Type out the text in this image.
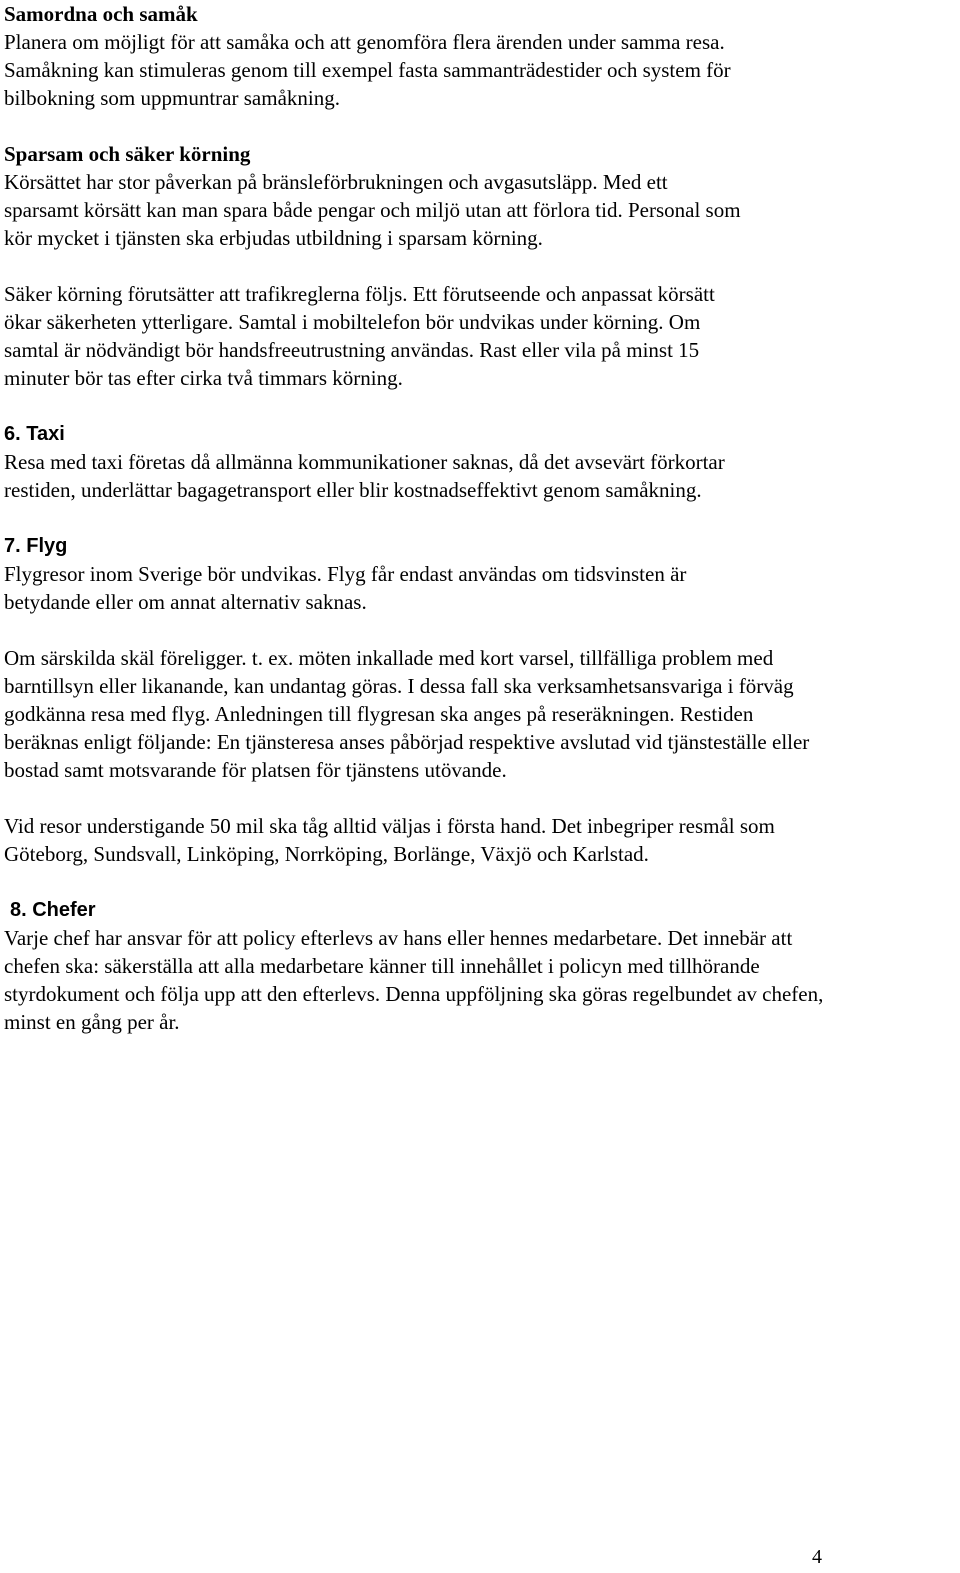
Samordna och samåk
Planera om möjligt för att samåka och att genomföra flera ärenden under samma resa.
Samåkning kan stimuleras genom till exempel fasta sammanträdestider och system för
bilbokning som uppmuntrar samåkning.
Sparsam och säker körning
Körsättet har stor påverkan på bränsleförbrukningen och avgasutsläpp. Med ett
sparsamt körsätt kan man spara både pengar och miljö utan att förlora tid. Personal som
kör mycket i tjänsten ska erbjudas utbildning i sparsam körning.
Säker körning förutsätter att trafikreglerna följs. Ett förutseende och anpassat körsätt
ökar säkerheten ytterligare. Samtal i mobiltelefon bör undvikas under körning. Om
samtal är nödvändigt bör handsfreeutrustning användas. Rast eller vila på minst 15
minuter bör tas efter cirka två timmars körning.
6. Taxi
Resa med taxi företas då allmänna kommunikationer saknas, då det avsevärt förkortar
restiden, underlättar bagagetransport eller blir kostnadseffektivt genom samåkning.
7. Flyg
Flygresor inom Sverige bör undvikas. Flyg får endast användas om tidsvinsten är
betydande eller om annat alternativ saknas.
Om särskilda skäl föreligger. t. ex. möten inkallade med kort varsel, tillfälliga problem med
barntillsyn eller likanande, kan undantag göras. I dessa fall ska verksamhetsansvariga i förväg
godkänna resa med flyg. Anledningen till flygresan ska anges på reseräkningen. Restiden
beräknas enligt följande: En tjänsteresa anses påbörjad respektive avslutad vid tjänsteställe eller
bostad samt motsvarande för platsen för tjänstens utövande.
Vid resor understigande 50 mil ska tåg alltid väljas i första hand. Det inbegriper resmål som
Göteborg, Sundsvall, Linköping, Norrköping, Borlänge, Växjö och Karlstad.
8. Chefer
Varje chef har ansvar för att policy efterlevs av hans eller hennes medarbetare. Det innebär att
chefen ska: säkerställa att alla medarbetare känner till innehållet i policyn med tillhörande
styrdokument och följa upp att den efterlevs. Denna uppföljning ska göras regelbundet av chefen,
minst en gång per år.
4
